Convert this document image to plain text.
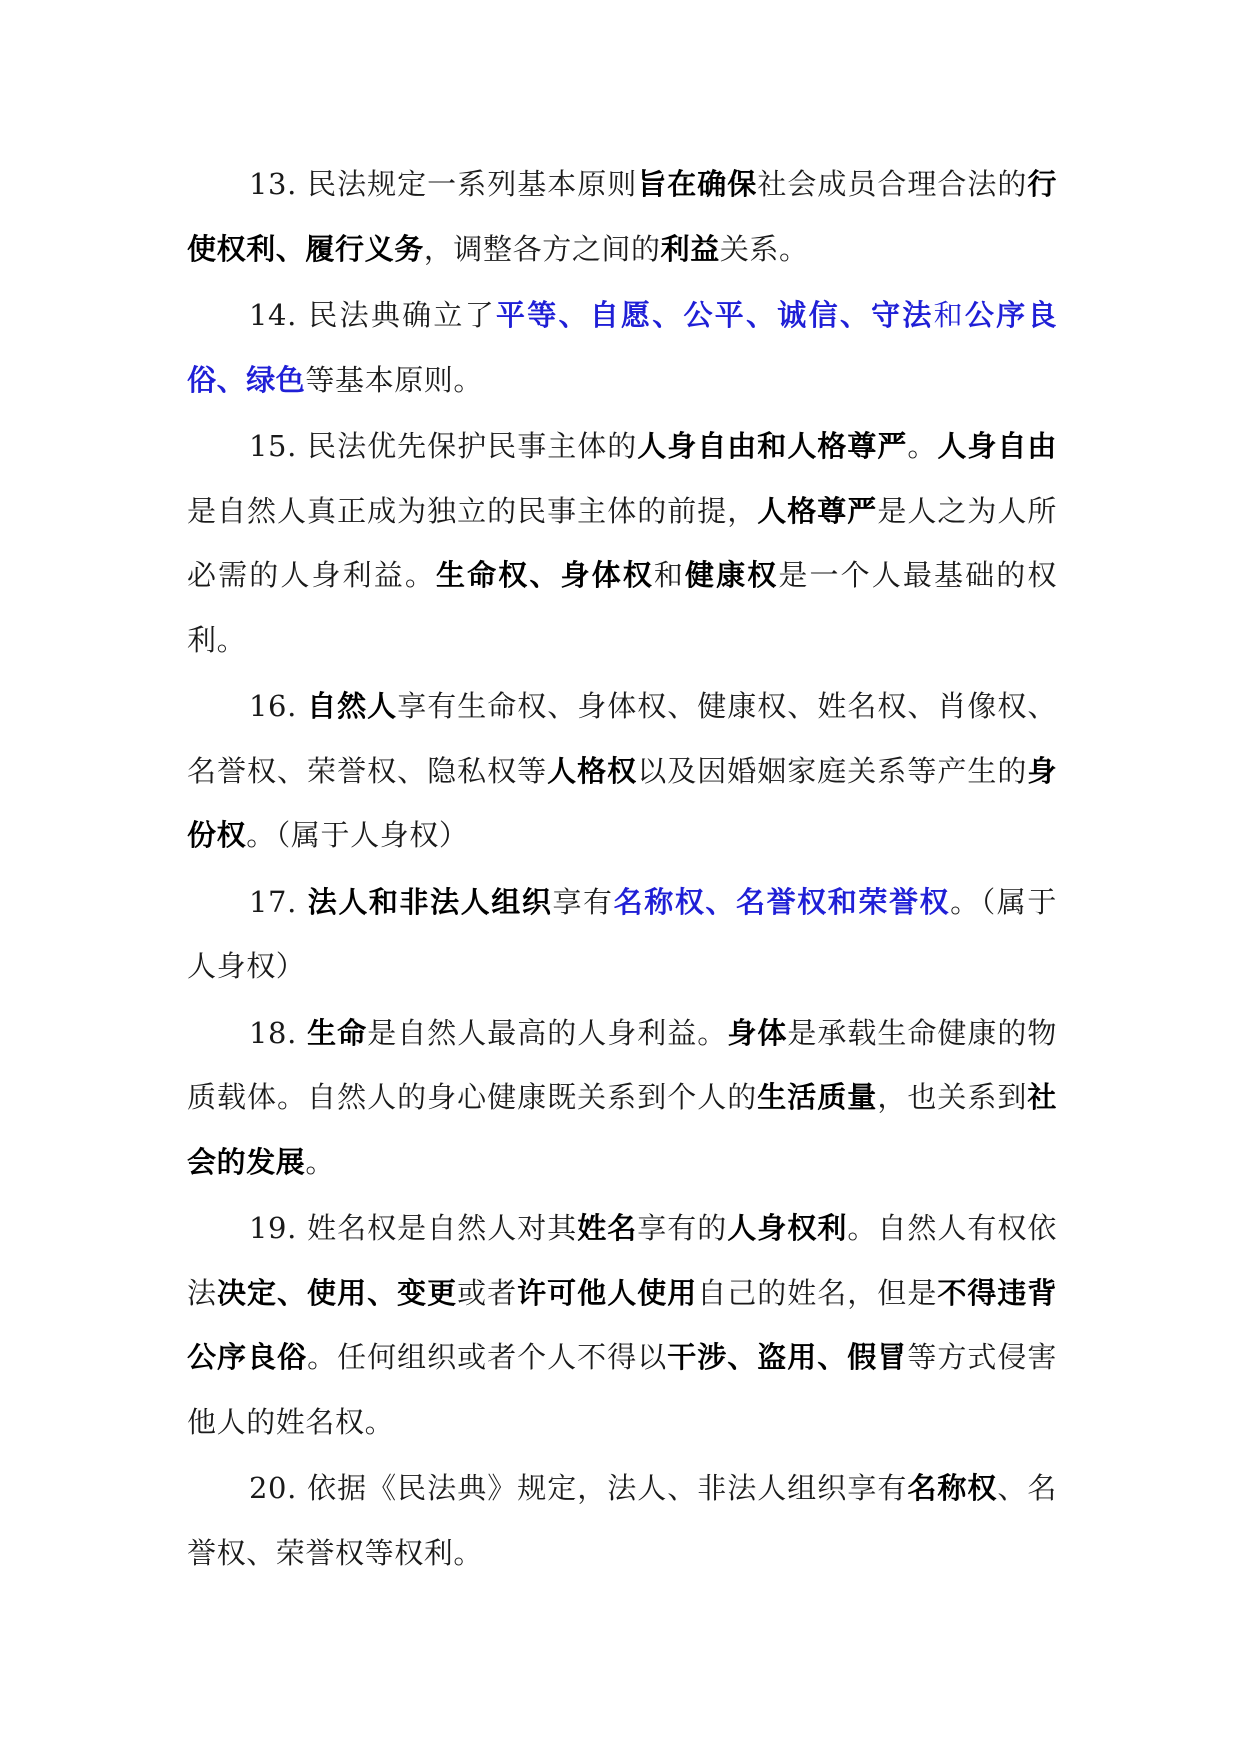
13. 民法规定一系列基本原则旨在确保社会成员合理合法的行使权利、履行义务，调整各方之间的利益关系。

14. 民法典确立了平等、自愿、公平、诚信、守法和公序良俗、绿色等基本原则。

15. 民法优先保护民事主体的人身自由和人格尊严。人身自由是自然人真正成为独立的民事主体的前提，人格尊严是人之为人所必需的人身利益。生命权、身体权和健康权是一个人最基础的权利。

16. 自然人享有生命权、身体权、健康权、姓名权、肖像权、名誉权、荣誉权、隐私权等人格权以及因婚姻家庭关系等产生的身份权。（属于人身权）

17. 法人和非法人组织享有名称权、名誉权和荣誉权。（属于人身权）

18. 生命是自然人最高的人身利益。身体是承载生命健康的物质载体。自然人的身心健康既关系到个人的生活质量，也关系到社会的发展。

19. 姓名权是自然人对其姓名享有的人身权利。自然人有权依法决定、使用、变更或者许可他人使用自己的姓名，但是不得违背公序良俗。任何组织或者个人不得以干涉、盗用、假冒等方式侵害他人的姓名权。

20. 依据《民法典》规定，法人、非法人组织享有名称权、名誉权、荣誉权等权利。
